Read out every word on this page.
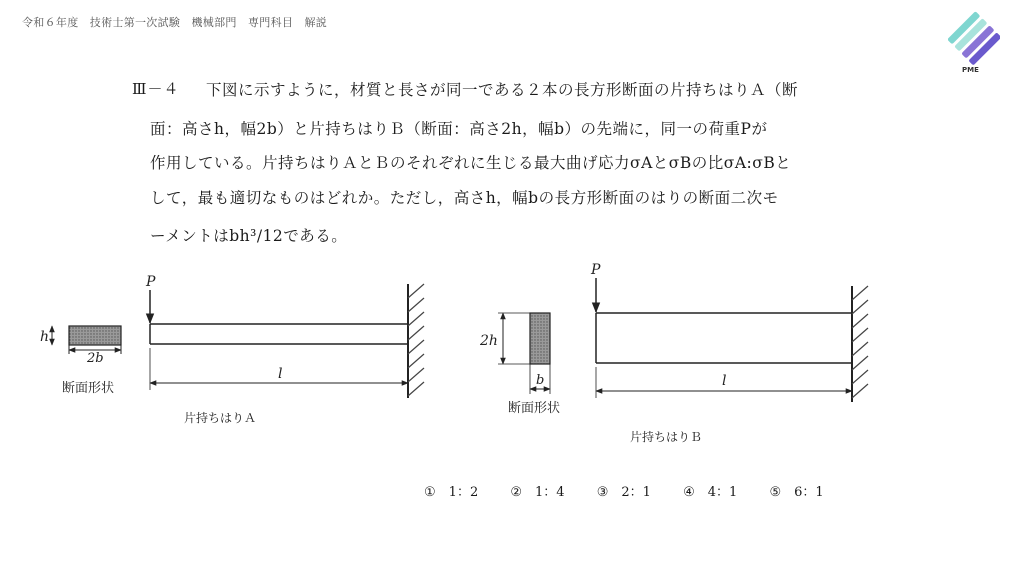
令和６年度　技術士第一次試験　機械部門　専門科目　解説
PME
Ⅲ－４ 下図に示すように，材質と長さが同一である２本の長方形断面の片持ちはりＡ（断
面：高さh，幅2b）と片持ちはりＢ（断面：高さ2h，幅b）の先端に，同一の荷重Pが
作用している。片持ちはりＡとＢのそれぞれに生じる最大曲げ応力σAとσBの比σA:σBと
して，最も適切なものはどれか。ただし，高さh，幅bの長方形断面のはりの断面二次モ
ーメントはbh³/12である。
h
2b
断面形状
P
l
片持ちはりＡ
2h
b
断面形状
P
l
片持ちはりＢ
①　 1：2 ②　 1：4 ③　 2：1 ④　 4：1 ⑤　 6：1
